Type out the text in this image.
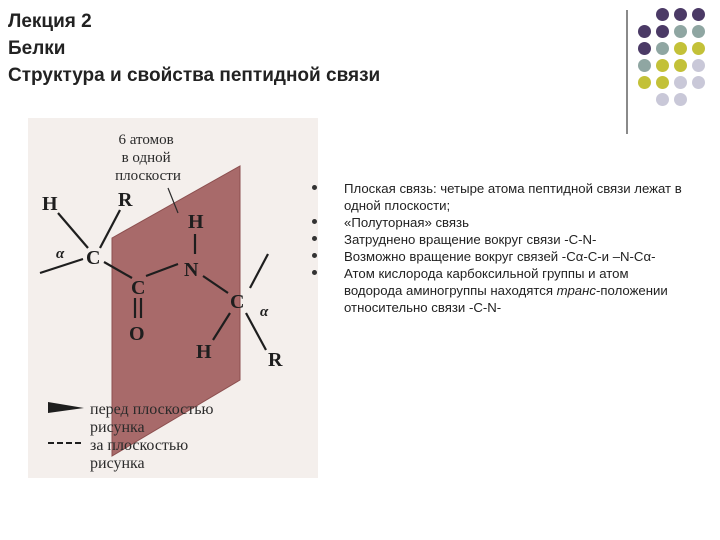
Лекция 2
Белки
Структура и свойства пептидной связи
6 атомов в одной плоскости
H	R
α C
H
N
C
O
C α
H	R
перед плоскостью рисунка
за плоскостью рисунка
Плоская связь: четыре атома пептидной связи лежат в одной плоскости;
«Полуторная» связь
Затруднено вращение вокруг связи -C-N-
Возможно вращение вокруг связей -Сα-С-и –N-Cα-
Атом кислорода карбоксильной группы и атом водорода аминогруппы находятся транс-положении относительно связи -С-N-
